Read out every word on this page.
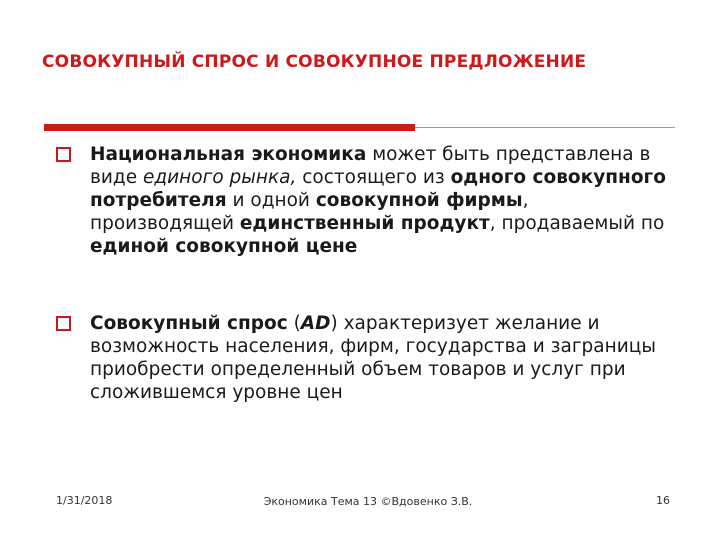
СОВОКУПНЫЙ СПРОС И СОВОКУПНОЕ ПРЕДЛОЖЕНИЕ
Национальная экономика может быть представлена в виде единого рынка, состоящего из одного совокупного потребителя и одной совокупной фирмы, производящей единственный продукт, продаваемый по единой совокупной цене
Совокупный спрос (AD) характеризует желание и возможность населения, фирм, государства и заграницы приобрести определенный объем товаров и услуг при сложившемся уровне цен
1/31/2018	Экономика Тема 13 ©Вдовенко З.В.	16
